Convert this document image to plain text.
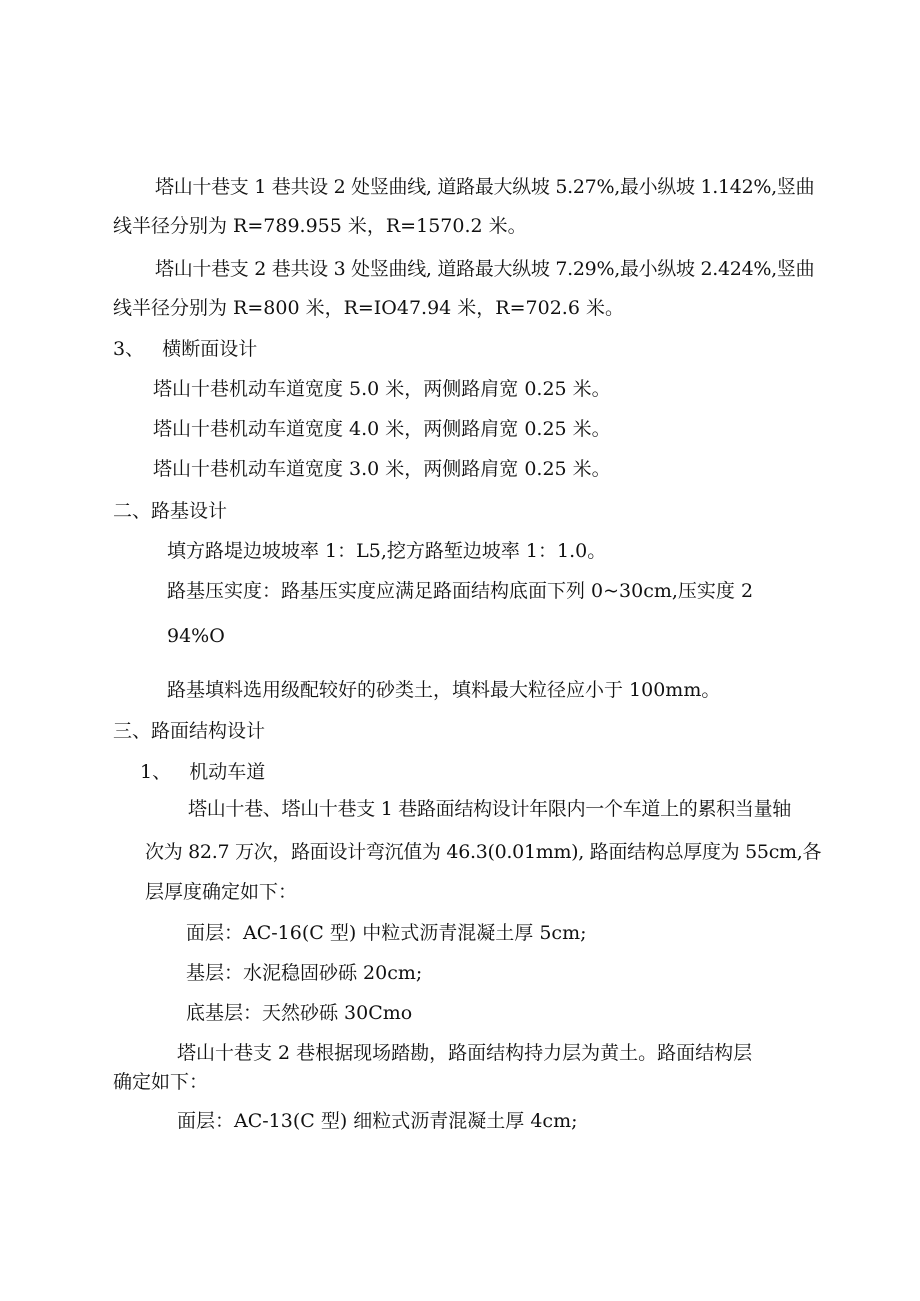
塔山十巷支 1 巷共设 2 处竖曲线, 道路最大纵坡 5.27%,最小纵坡 1.142%,竖曲
线半径分别为 R=789.955 米，R=1570.2 米。
塔山十巷支 2 巷共设 3 处竖曲线, 道路最大纵坡 7.29%,最小纵坡 2.424%,竖曲
线半径分别为 R=800 米，R=IO47.94 米，R=702.6 米。
3、   横断面设计
塔山十巷机动车道宽度 5.0 米，两侧路肩宽 0.25 米。
塔山十巷机动车道宽度 4.0 米，两侧路肩宽 0.25 米。
塔山十巷机动车道宽度 3.0 米，两侧路肩宽 0.25 米。
二、路基设计
填方路堤边坡坡率 1：L5,挖方路堑边坡率 1：1.0。
路基压实度：路基压实度应满足路面结构底面下列 0~30cm,压实度 2
94%O
路基填料选用级配较好的砂类土，填料最大粒径应小于 100mm。
三、路面结构设计
1、   机动车道
塔山十巷、塔山十巷支 1 巷路面结构设计年限内一个车道上的累积当量轴
次为 82.7 万次，路面设计弯沉值为 46.3(0.01mm), 路面结构总厚度为 55cm,各
层厚度确定如下：
面层：AC-16(C 型) 中粒式沥青混凝土厚 5cm;
基层：水泥稳固砂砾 20cm;
底基层：天然砂砾 30Cmo
塔山十巷支 2 巷根据现场踏勘，路面结构持力层为黄土。路面结构层
确定如下：
面层：AC-13(C 型) 细粒式沥青混凝土厚 4cm;
